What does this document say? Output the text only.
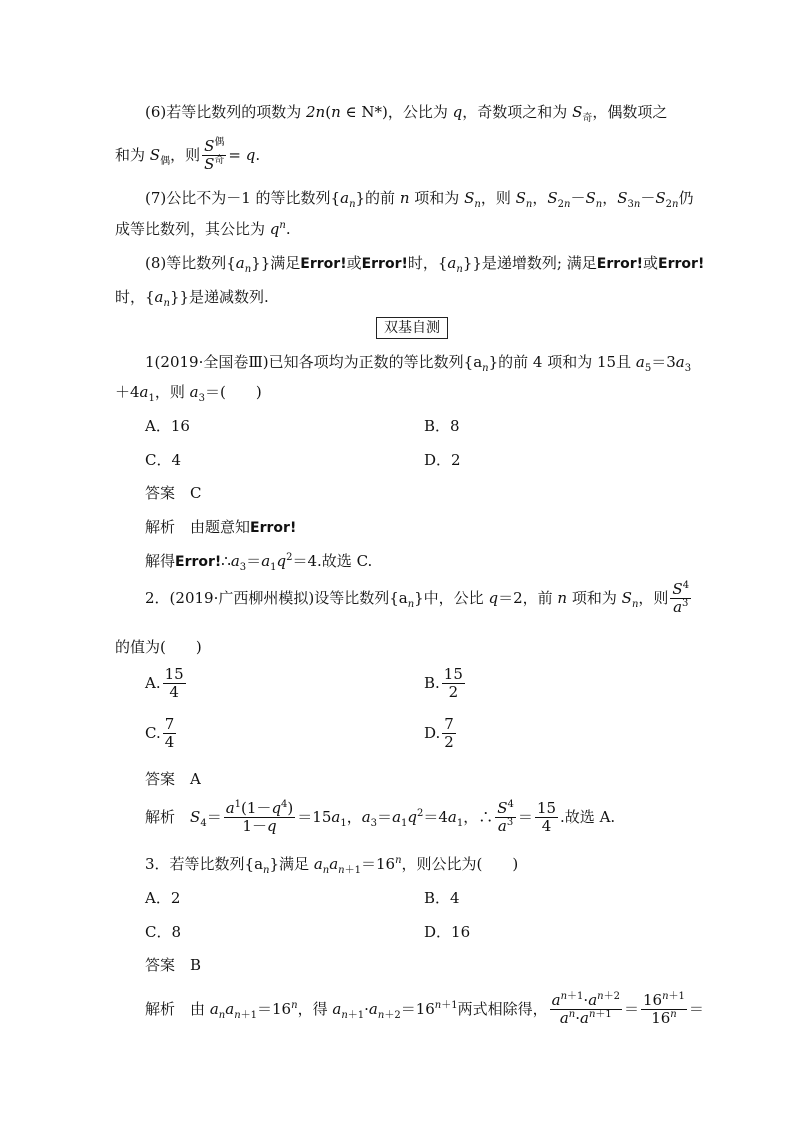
(6)若等比数列的项数为 2n(n ∈ N*)，公比为 q，奇数项之和为 $S_奇$，偶数项之
和为 $S_偶$，则 $\frac{S^偶}{S^奇} = q$.
(7)公比不为－1 的等比数列$\{a_n\}$的前 n 项和为 $S_n$，则 $S_n$，$S_{2n}-S_n$，$S_{3n}-S_{2n}$仍
成等比数列，其公比为 $q^n$.
(8)等比数列$\{a_n\}$}满足Error!或Error!时，$\{a_n\}$}是递增数列; 满足Error!或Error!
时，$\{a_n\}$}是递减数列.
双基自测
1(2019·全国卷Ⅲ)已知各项均为正数的等比数列$\{a_n\}$的前 4 项和为 15且 $a_5=3a_3$
$+4a_1$，则 $a_3=$(　　)
A．16	B．8
C．4	D．2
答案　 C
解析　 由题意知Error!
解得$Error!\therefore a_3=a_1q^2=4$.故选 C.
2．(2019·广西柳州模拟)设等比数列$\{a_n\}$中，公比 q＝2，前 n 项和为 $S_n$，则 $\frac{S^4}{a^3}$
的值为(　　)
A. $\frac{15}{4}$	B. $\frac{15}{2}$
C. $\frac{7}{4}$	D. $\frac{7}{2}$
答案　 A
解析　 $S_4= \frac{a^1(1-q^4)}{1-q} =15a_1$，$a_3=a_1q^2=4a_1$，∴ $\frac{S^4}{a^3} = \frac{15}{4}$ .故选 A.
3．若等比数列$\{a_n\}$满足 $a_na_{n+1}=16^n$，则公比为(　　)
A．2	B．4
C．8	D．16
答案　 B
解析　 由 $a_na_{n+1}=16^n$，得 $a_{n+1}\cdot a_{n+2}=16^{n+1}$两式相除得， $\frac{a^{n+1}\cdot a^{n+2}}{a^n\cdot a^{n+1}} = \frac{16^{n+1}}{16^n}$ ＝
